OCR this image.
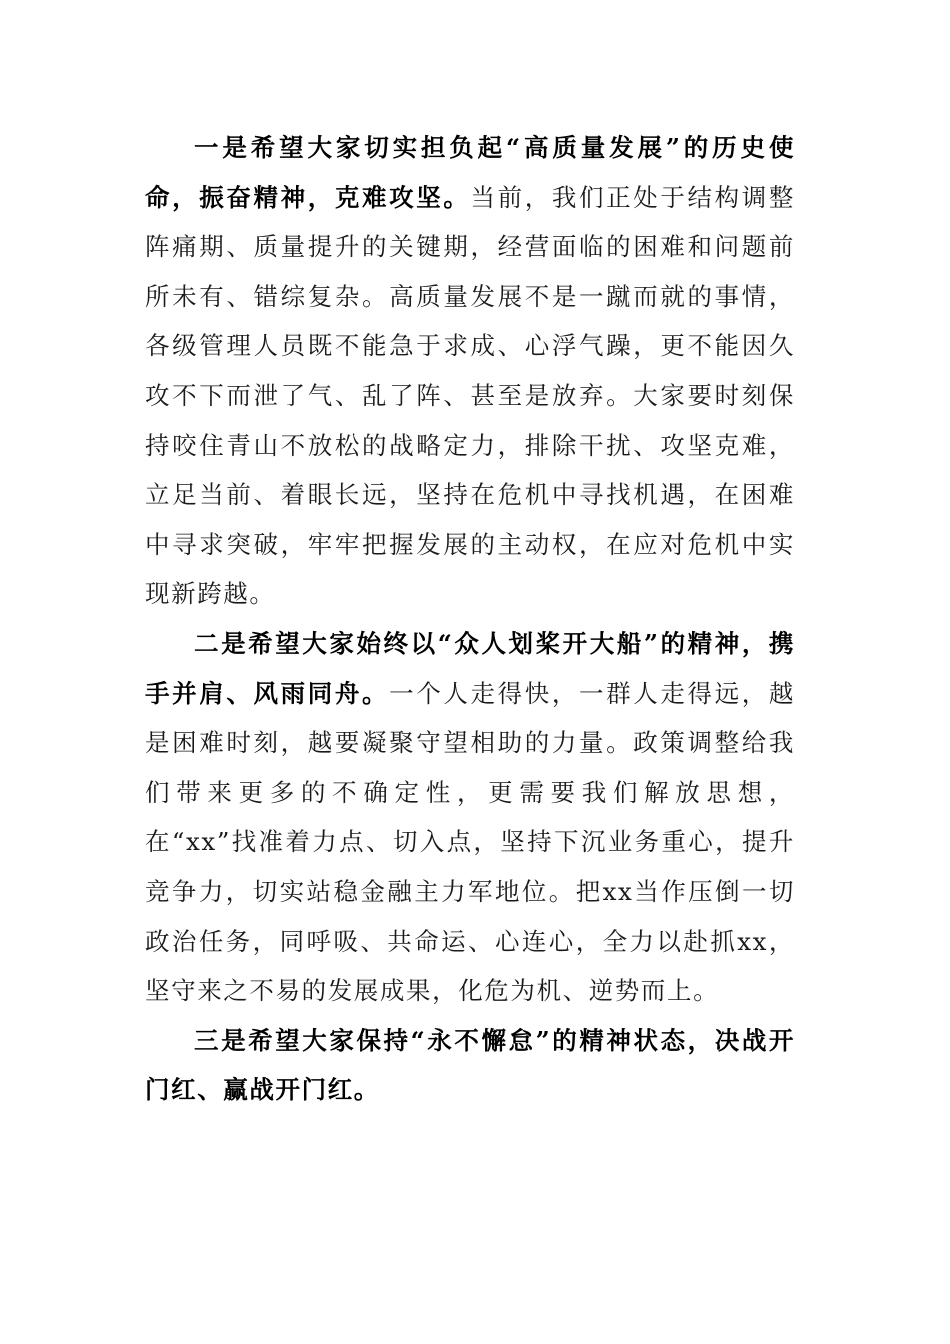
一是希望大家切实担负起“高质量发展”的历史使命，振奋精神，克难攻坚。当前，我们正处于结构调整阵痛期、质量提升的关键期，经营面临的困难和问题前所未有、错综复杂。高质量发展不是一蹴而就的事情，各级管理人员既不能急于求成、心浮气躁，更不能因久攻不下而泄了气、乱了阵、甚至是放弃。大家要时刻保持咬住青山不放松的战略定力，排除干扰、攻坚克难，立足当前、着眼长远，坚持在危机中寻找机遇，在困难中寻求突破，牢牢把握发展的主动权，在应对危机中实现新跨越。

二是希望大家始终以“众人划桨开大船”的精神，携手并肩、风雨同舟。一个人走得快，一群人走得远，越是困难时刻，越要凝聚守望相助的力量。政策调整给我们带来更多的不确定性，更需要我们解放思想，在“xx”找准着力点、切入点，坚持下沉业务重心，提升竞争力，切实站稳金融主力军地位。把xx当作压倒一切政治任务，同呼吸、共命运、心连心，全力以赴抓xx，坚守来之不易的发展成果，化危为机、逆势而上。

三是希望大家保持“永不懈怠”的精神状态，决战开门红、赢战开门红。
